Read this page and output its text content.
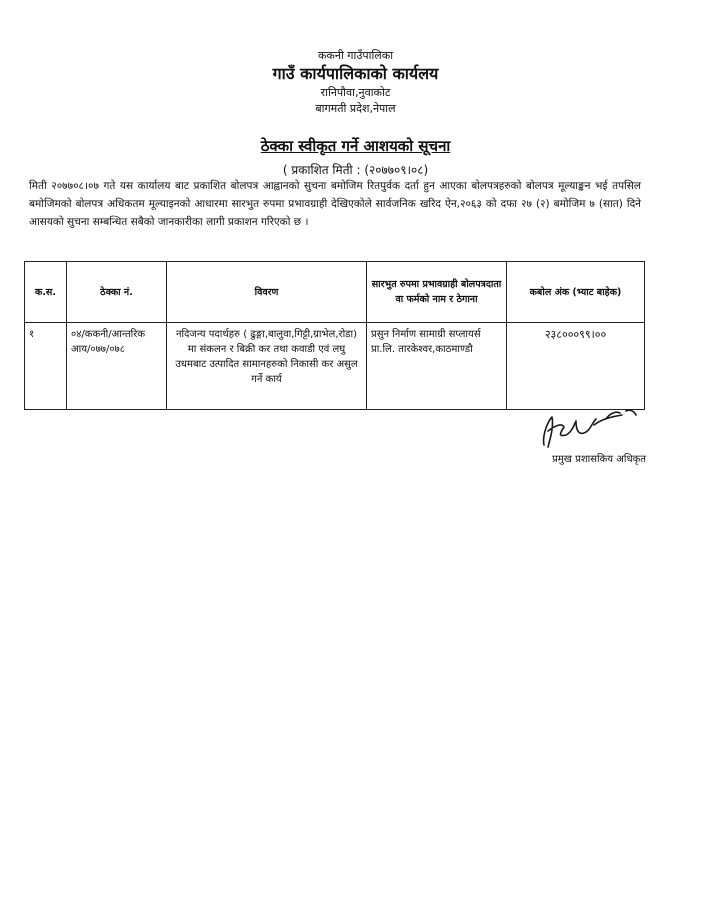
ककनी गाउँपालिका
गाउँ कार्यपालिकाको कार्यलय
रानिपौवा,नुवाकोट
बागमती प्रदेश,नेपाल
ठेक्का स्वीकृत गर्ने आशयको सूचना
( प्रकाशित मिती : (२०७७०९।०८)
मिती २०७७०८।०७ गते यस कार्यालय बाट प्रकाशित बोलपत्र आह्वानको सुचना बमोजिम रितपुर्वक दर्ता हुन आएका बोलपत्रहरुको बोलपत्र मूल्याङ्कन भई तपसिल बमोजिमको बोलपत्र अधिकतम मूल्याइनको आधारमा सारभुत रुपमा प्रभावग्राही देखिएकोले सार्वजनिक खरिद ऐन,२०६३ को दफा २७ (२) बमोजिम ७ (सात) दिने आसयको सुचना सम्बन्धित सबैको जानकारीका लागी प्रकाशन गरिएको छ ।
क.स.	ठेक्का नं.	विवरण	सारभुत रुपमा प्रभावग्राही बोलपत्रदाता वा फर्मको नाम र ठेगाना	कबोल अंक (भ्याट बाहेक)
१	०४/ककनी/आन्तरिक आय/०७७/०७८	नदिजन्य पदार्थहरु ( ढुङ्गा,बालुवा,गिट्टी,ग्राभेल,रोडा) मा संकलन र बिक्री कर तथा कवाडी एवं लघु उधमबाट उत्पादित सामानहरुको निकासी कर असुल गर्ने कार्य	प्रसुन निर्माण सामाग्री सप्लायर्स प्रा.लि. तारकेश्वर,काठमाण्डौ	२३८०००९९।००
प्रमुख प्रशासकिय अधिकृत
